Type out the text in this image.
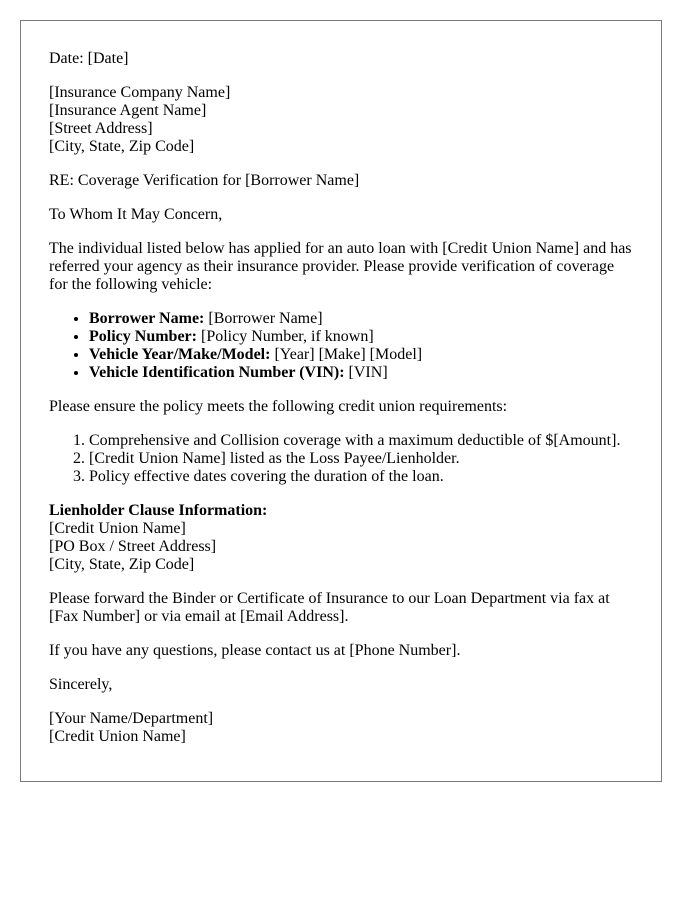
Date: [Date]

[Insurance Company Name]
[Insurance Agent Name]
[Street Address]
[City, State, Zip Code]

RE: Coverage Verification for [Borrower Name]

To Whom It May Concern,

The individual listed below has applied for an auto loan with [Credit Union Name] and has referred your agency as their insurance provider. Please provide verification of coverage for the following vehicle:

• Borrower Name: [Borrower Name]
• Policy Number: [Policy Number, if known]
• Vehicle Year/Make/Model: [Year] [Make] [Model]
• Vehicle Identification Number (VIN): [VIN]

Please ensure the policy meets the following credit union requirements:

1. Comprehensive and Collision coverage with a maximum deductible of $[Amount].
2. [Credit Union Name] listed as the Loss Payee/Lienholder.
3. Policy effective dates covering the duration of the loan.

Lienholder Clause Information:
[Credit Union Name]
[PO Box / Street Address]
[City, State, Zip Code]

Please forward the Binder or Certificate of Insurance to our Loan Department via fax at [Fax Number] or via email at [Email Address].

If you have any questions, please contact us at [Phone Number].

Sincerely,

[Your Name/Department]
[Credit Union Name]
